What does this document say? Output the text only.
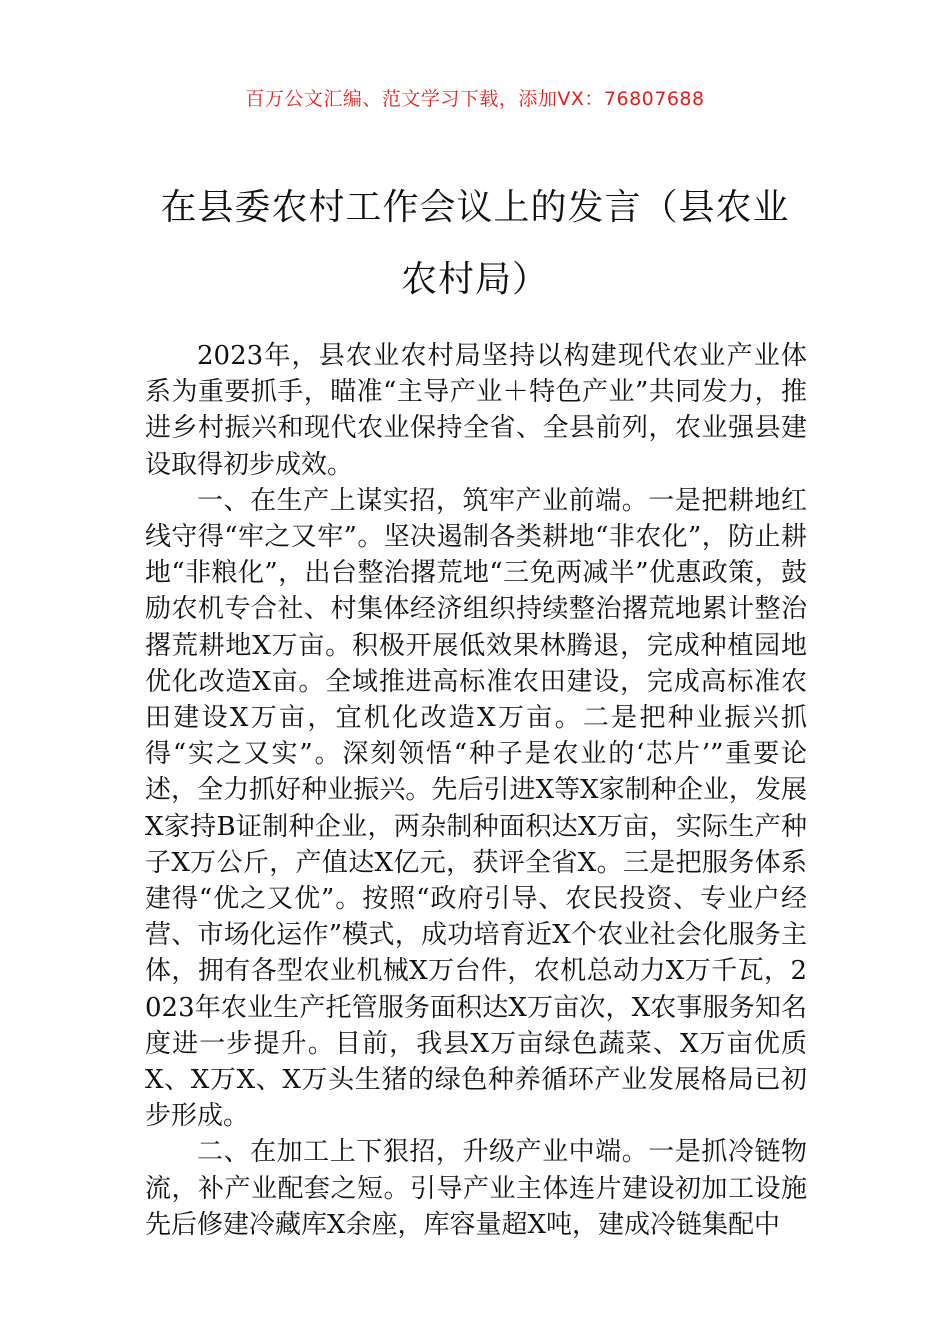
百万公文汇编、范文学习下载，添加VX：76807688
在县委农村工作会议上的发言（县农业农村局）

2023年，县农业农村局坚持以构建现代农业产业体系为重要抓手，瞄准“主导产业＋特色产业”共同发力，推进乡村振兴和现代农业保持全省、全县前列，农业强县建设取得初步成效。

一、在生产上谋实招，筑牢产业前端。一是把耕地红线守得“牢之又牢”。坚决遏制各类耕地“非农化”，防止耕地“非粮化”，出台整治撂荒地“三免两减半”优惠政策，鼓励农机专合社、村集体经济组织持续整治撂荒地累计整治撂荒耕地X万亩。积极开展低效果林腾退，完成种植园地优化改造X亩。全域推进高标准农田建设，完成高标准农田建设X万亩，宜机化改造X万亩。二是把种业振兴抓得“实之又实”。深刻领悟“种子是农业的‘芯片’”重要论述，全力抓好种业振兴。先后引进X等X家制种企业，发展X家持B证制种企业，两杂制种面积达X万亩，实际生产种子X万公斤，产值达X亿元，获评全省X。三是把服务体系建得“优之又优”。按照“政府引导、农民投资、专业户经营、市场化运作”模式，成功培育近X个农业社会化服务主体，拥有各型农业机械X万台件，农机总动力X万千瓦，2023年农业生产托管服务面积达X万亩次，X农事服务知名度进一步提升。目前，我县X万亩绿色蔬菜、X万亩优质X、X万X、X万头生猪的绿色种养循环产业发展格局已初步形成。

二、在加工上下狠招，升级产业中端。一是抓冷链物流，补产业配套之短。引导产业主体连片建设初加工设施先后修建冷藏库X余座，库容量超X吨，建成冷链集配中
